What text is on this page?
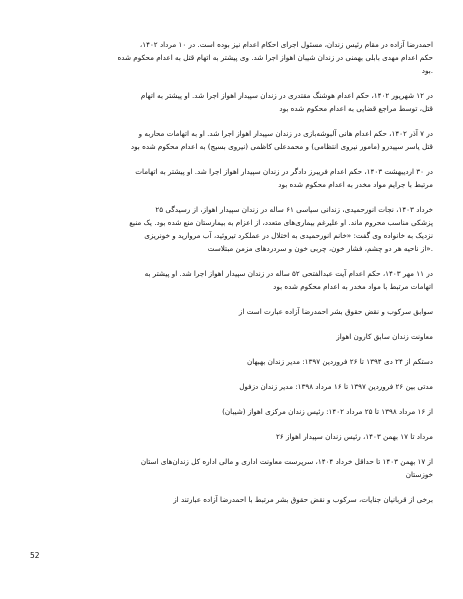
احمدرضا آزاده در مقام رئیس زندان، مسئول اجرای احکام اعدام نیز بوده است. در ۱۰ مرداد ۱۴۰۲،
حکم اعدام مهدی بابلی بهمنی در زندان شیبان اهواز اجرا شد. وی پیشتر به اتهام قتل به اعدام محکوم شده
.بود
در ۱۲ شهریور ۱۴۰۲، حکم اعدام هوشنگ مقتدری در زندان سپیدار اهواز اجرا شد. او پیشتر به اتهام
قتل، توسط مراجع قضایی به اعدام محکوم شده بود
در ۷ آذر ۱۴۰۲، حکم اعدام هانی آلبوشه‌بازی در زندان سپیدار اهواز اجرا شد. او به اتهامات محاربه و
قتل یاسر سپیدرو (مامور نیروی انتظامی) و محمدعلی کاظمی (نیروی بسیج) به اعدام محکوم شده بود
در ۳۰ اردیبهشت ۱۴۰۳، حکم اعدام فریبرز دادگر در زندان سپیدار اهواز اجرا شد. او پیشتر به اتهامات
مرتبط با جرایم مواد مخدر به اعدام محکوم شده بود
خرداد ۱۴۰۳، نجات انورحمیدی، زندانی سیاسی ۶۱ ساله در زندان سپیدار اهواز، از رسیدگی ۲۵
پزشکی مناسب محروم ماند. او علیرغم بیماری‌های متعدد، از اعزام به بیمارستان منع شده بود. یک منبع
نزدیک به خانواده وی گفت: «خانم انورحمیدی به اختلال در عملکرد تیروئید، آب مروارید و خونریزی
.«از ناحیه هر دو چشم، فشار خون، چربی خون و سردردهای مزمن مبتلاست
در ۱۱ مهر ۱۴۰۳، حکم اعدام آیت عبدالفتحی ۵۲ ساله در زندان سپیدار اهواز اجرا شد. او پیشتر به
اتهامات مرتبط با مواد مخدر به اعدام محکوم شده بود
سوابق سرکوب و نقض حقوق بشر احمدرضا آزاده عبارت است از
معاونت زندان سابق کارون اهواز
دستکم از ۲۴ دی ۱۳۹۴ تا ۲۶ فروردین ۱۳۹۷: مدیر زندان بهبهان
مدتی بین ۲۶ فروردین ۱۳۹۷ تا ۱۶ مرداد ۱۳۹۸: مدیر زندان دزفول
از ۱۶ مرداد ۱۳۹۸ تا ۲۵ مرداد ۱۴۰۲: رئیس زندان مرکزی اهواز (شیبان)
مرداد تا ۱۷ بهمن ۱۴۰۳، رئیس زندان سپیدار اهواز ۲۶
از ۱۷ بهمن ۱۴۰۳ تا حداقل خرداد ۱۴۰۴، سرپرست معاونت اداری و مالی اداره کل زندان‌های استان
خوزستان
برخی از قربانیان جنایات، سرکوب و نقض حقوق بشر مرتبط با احمدرضا آزاده عبارتند از
52
